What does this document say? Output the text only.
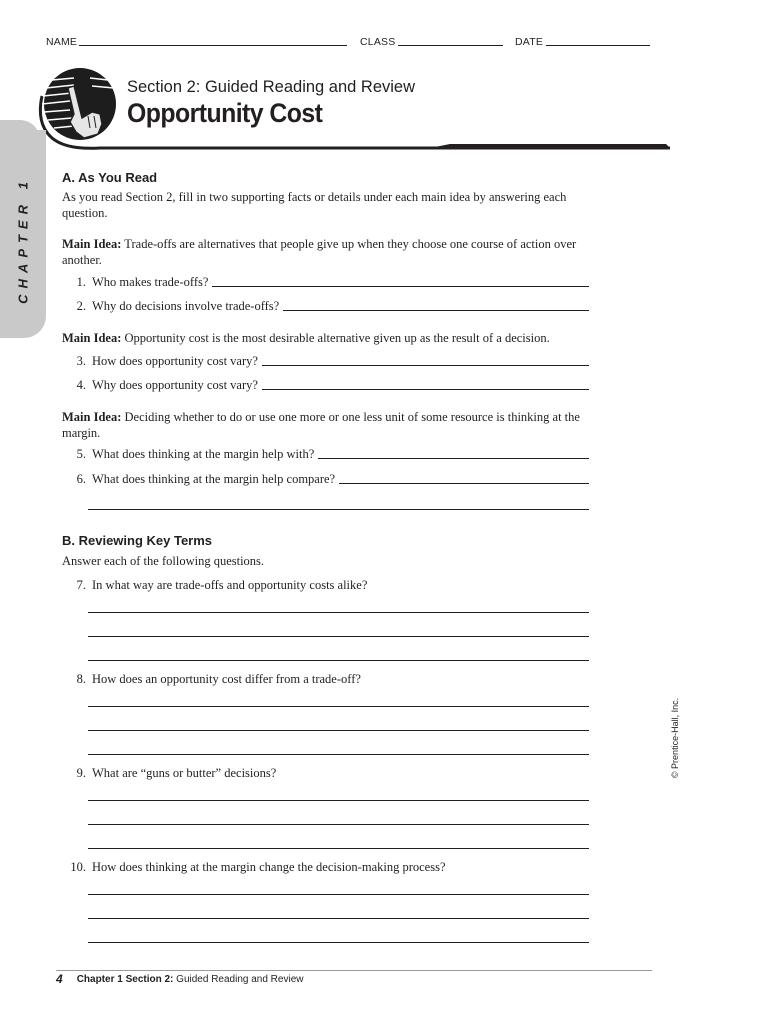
NAME	CLASS	DATE
Section 2: Guided Reading and Review
Opportunity Cost
CHAPTER 1 A. As You Read
As you read Section 2, fill in two supporting facts or details under each main idea by answering each question.
Main Idea: Trade-offs are alternatives that people give up when they choose one course of action over another.
1. Who makes trade-offs?
2. Why do decisions involve trade-offs?
Main Idea: Opportunity cost is the most desirable alternative given up as the result of a decision.
3. How does opportunity cost vary?
4. Why does opportunity cost vary?
Main Idea: Deciding whether to do or use one more or one less unit of some resource is thinking at the margin.
5. What does thinking at the margin help with?
6. What does thinking at the margin help compare?
B. Reviewing Key Terms
Answer each of the following questions.
7. In what way are trade-offs and opportunity costs alike?
8. How does an opportunity cost differ from a trade-off?
9. What are “guns or butter” decisions?
10. How does thinking at the margin change the decision-making process?
© Prentice-Hall, Inc.
4 Chapter 1 Section 2: Guided Reading and Review
